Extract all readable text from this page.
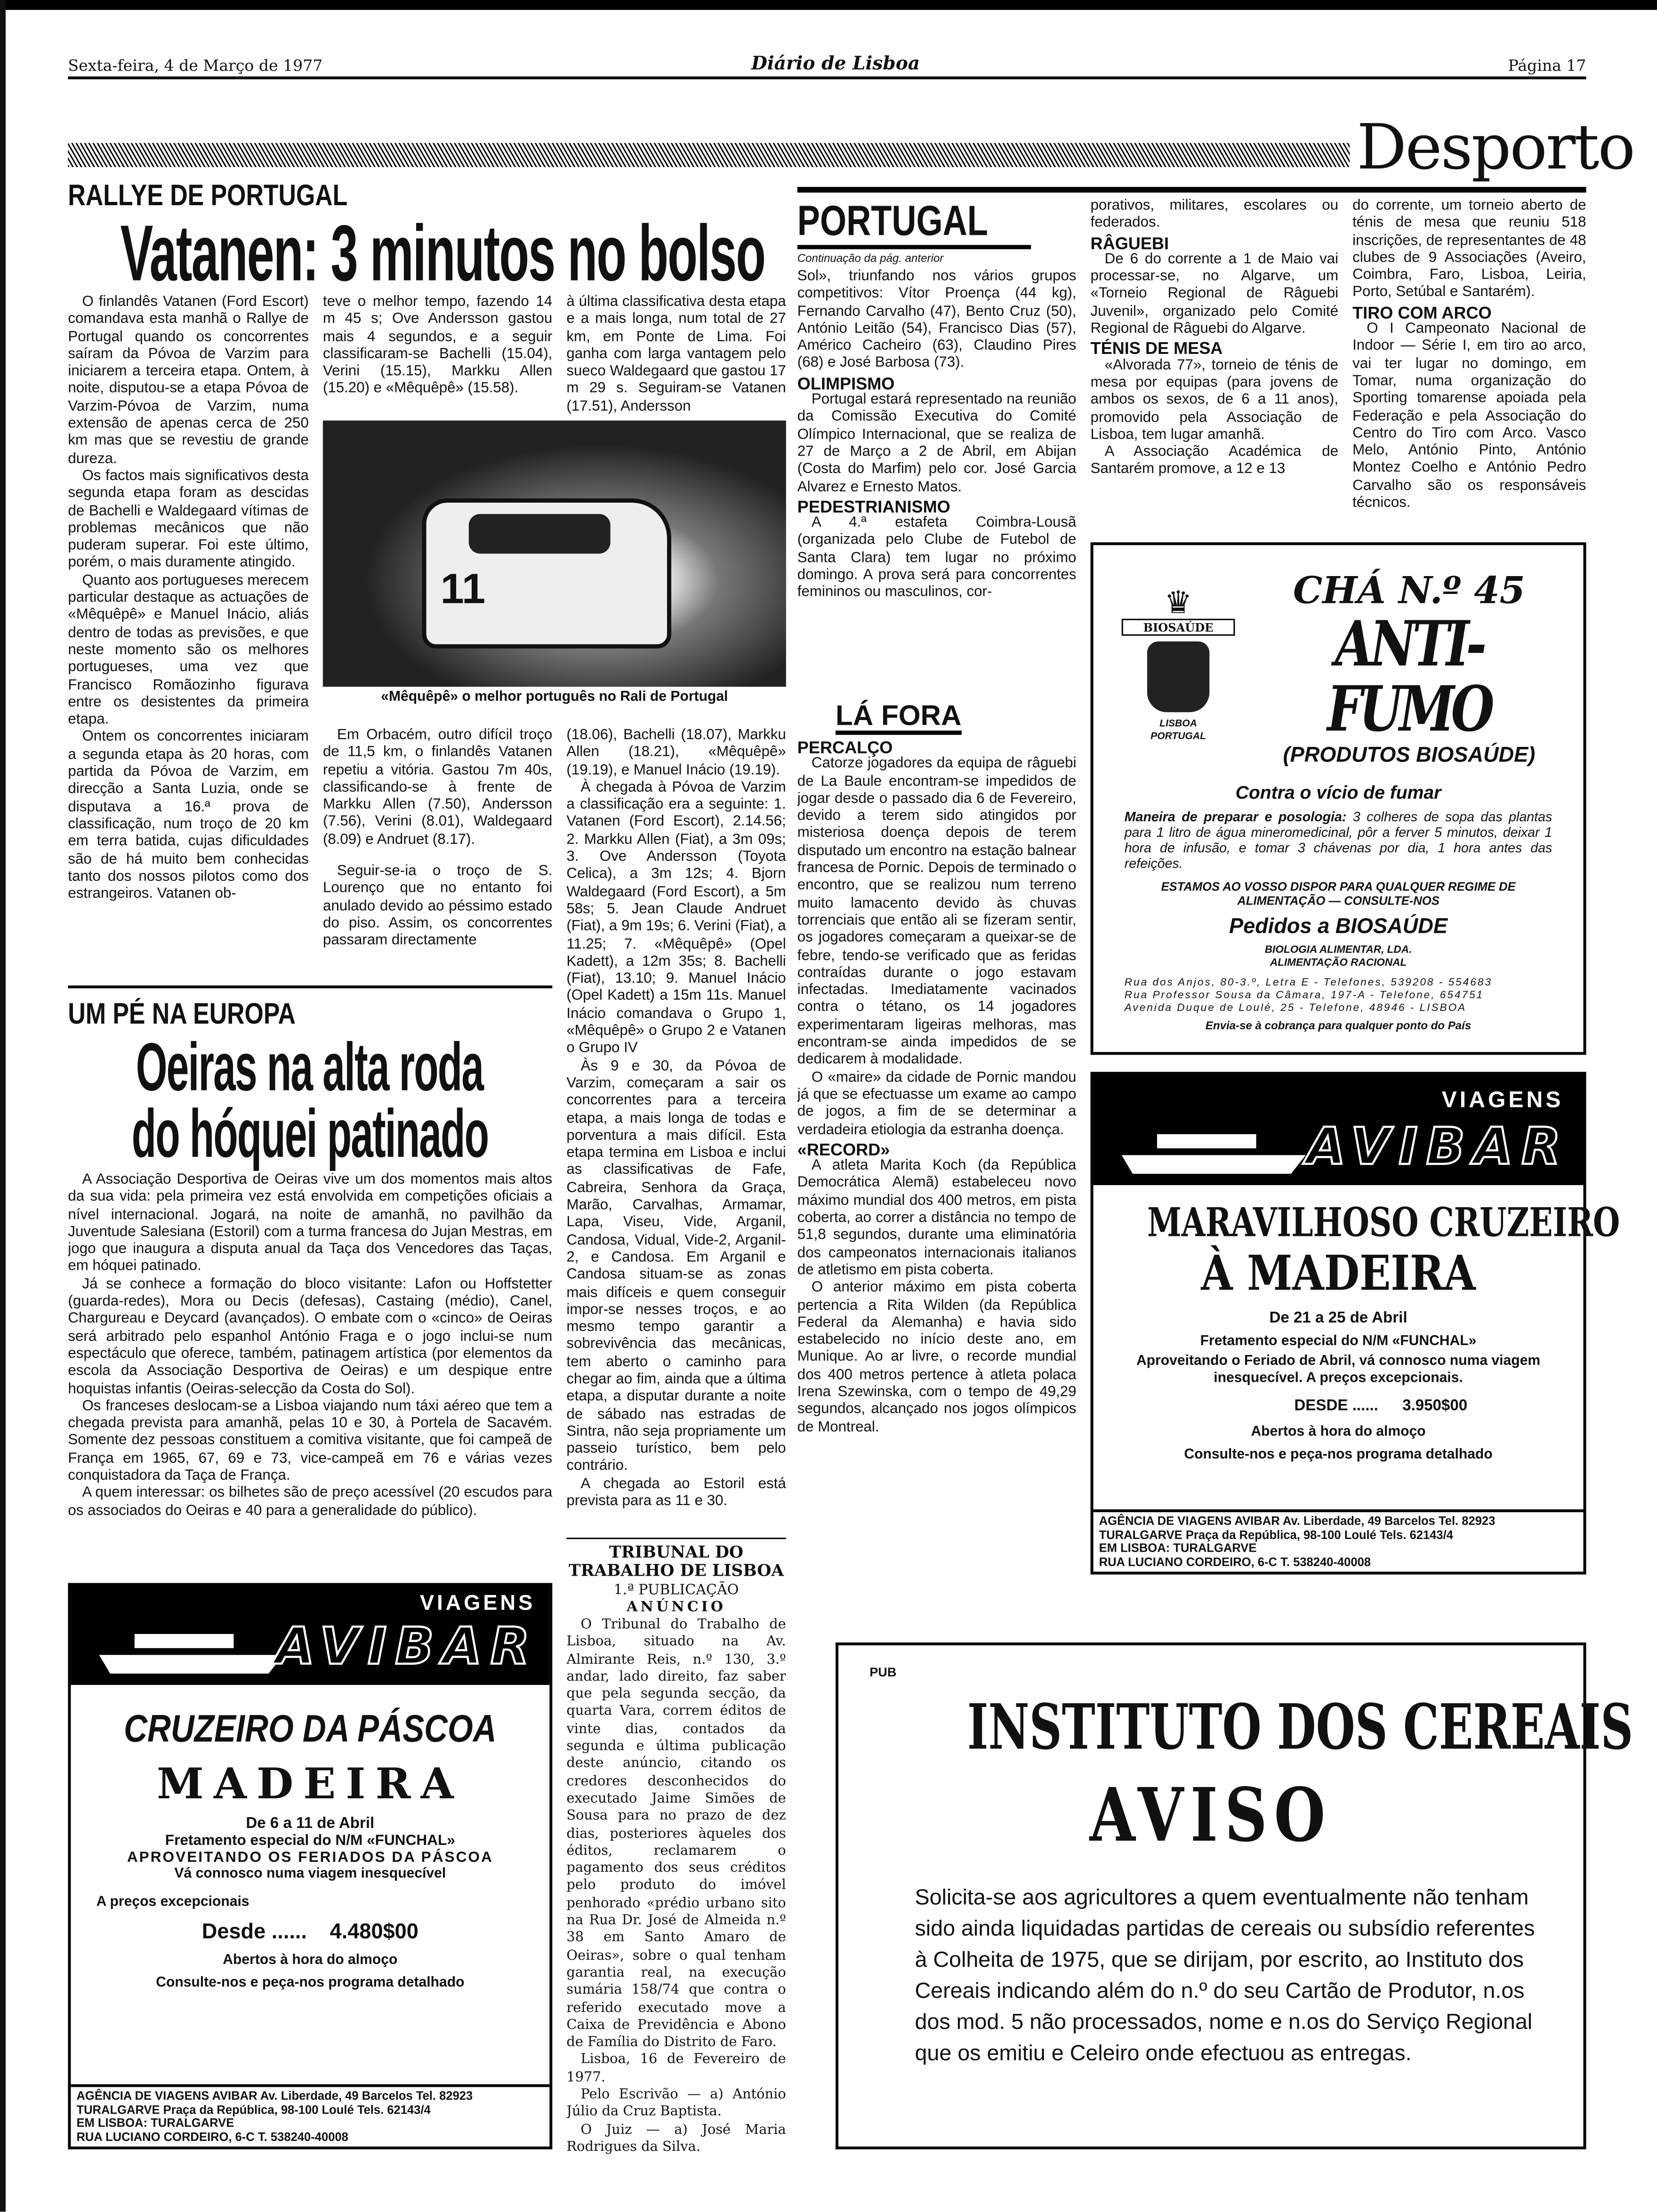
Sexta-feira, 4 de Março de 1977	Diário de Lisboa	Página 17
Desporto
RALLYE DE PORTUGAL
Vatanen: 3 minutos no bolso

O finlandês Vatanen (Ford Escort) comandava esta manhã o Rallye de Portugal quando os concorrentes saíram da Póvoa de Varzim para iniciarem a terceira etapa. Ontem, à noite, disputou-se a etapa Póvoa de Varzim-Póvoa de Varzim, numa extensão de apenas cerca de 250 km mas que se revestiu de grande dureza.

Os factos mais significativos desta segunda etapa foram as descidas de Bachelli e Waldegaard vítimas de problemas mecânicos que não puderam superar. Foi este último, porém, o mais duramente atingido.

Quanto aos portugueses merecem particular destaque as actuações de «Mêquêpê» e Manuel Inácio, aliás dentro de todas as previsões, e que neste momento são os melhores portugueses, uma vez que Francisco Romãozinho figurava entre os desistentes da primeira etapa.

Ontem os concorrentes iniciaram a segunda etapa às 20 horas, com partida da Póvoa de Varzim, em direcção a Santa Luzia, onde se disputava a 16.ª prova de classificação, num troço de 20 km em terra batida, cujas dificuldades são de há muito bem conhecidas tanto dos nossos pilotos como dos estrangeiros. Vatanen ob-

teve o melhor tempo, fazendo 14 m 45 s; Ove Andersson gastou mais 4 segundos, e a seguir classificaram-se Bachelli (15.04), Verini (15.15), Markku Allen (15.20) e «Mêquêpê» (15.58).

à última classificativa desta etapa e a mais longa, num total de 27 km, em Ponte de Lima. Foi ganha com larga vantagem pelo sueco Waldegaard que gastou 17 m 29 s. Seguiram-se Vatanen (17.51), Andersson

11
«Mêquêpê» o melhor português no Rali de Portugal

Em Orbacém, outro difícil troço de 11,5 km, o finlandês Vatanen repetiu a vitória. Gastou 7m 40s, classificando-se à frente de Markku Allen (7.50), Andersson (7.56), Verini (8.01), Waldegaard (8.09) e Andruet (8.17).

Seguir-se-ia o troço de S. Lourenço que no entanto foi anulado devido ao péssimo estado do piso. Assim, os concorrentes passaram directamente

(18.06), Bachelli (18.07), Markku Allen (18.21), «Mêquêpê» (19.19), e Manuel Inácio (19.19).

À chegada à Póvoa de Varzim a classificação era a seguinte: 1. Vatanen (Ford Escort), 2.14.56; 2. Markku Allen (Fiat), a 3m 09s; 3. Ove Andersson (Toyota Celica), a 3m 12s; 4. Bjorn Waldegaard (Ford Escort), a 5m 58s; 5. Jean Claude Andruet (Fiat), a 9m 19s; 6. Verini (Fiat), a 11.25; 7. «Mêquêpê» (Opel Kadett), a 12m 35s; 8. Bachelli (Fiat), 13.10; 9. Manuel Inácio (Opel Kadett) a 15m 11s. Manuel Inácio comandava o Grupo 1, «Mêquêpê» o Grupo 2 e Vatanen o Grupo IV

Às 9 e 30, da Póvoa de Varzim, começaram a sair os concorrentes para a terceira etapa, a mais longa de todas e porventura a mais difícil. Esta etapa termina em Lisboa e inclui as classificativas de Fafe, Cabreira, Senhora da Graça, Marão, Carvalhas, Armamar, Lapa, Viseu, Vide, Arganil, Candosa, Vidual, Vide-2, Arganil-2, e Candosa. Em Arganil e Candosa situam-se as zonas mais difíceis e quem conseguir impor-se nesses troços, e ao mesmo tempo garantir a sobrevivência das mecânicas, tem aberto o caminho para chegar ao fim, ainda que a última etapa, a disputar durante a noite de sábado nas estradas de Sintra, não seja propriamente um passeio turístico, bem pelo contrário.

A chegada ao Estoril está prevista para as 11 e 30.

UM PÉ NA EUROPA
Oeiras na alta roda
do hóquei patinado

A Associação Desportiva de Oeiras vive um dos momentos mais altos da sua vida: pela primeira vez está envolvida em competições oficiais a nível internacional. Jogará, na noite de amanhã, no pavilhão da Juventude Salesiana (Estoril) com a turma francesa do Jujan Mestras, em jogo que inaugura a disputa anual da Taça dos Vencedores das Taças, em hóquei patinado.

Já se conhece a formação do bloco visitante: Lafon ou Hoffstetter (guarda-redes), Mora ou Decis (defesas), Castaing (médio), Canel, Chargureau e Deycard (avançados). O embate com o «cinco» de Oeiras será arbitrado pelo espanhol António Fraga e o jogo inclui-se num espectáculo que oferece, também, patinagem artística (por elementos da escola da Associação Desportiva de Oeiras) e um despique entre hoquistas infantis (Oeiras-selecção da Costa do Sol).

Os franceses deslocam-se a Lisboa viajando num táxi aéreo que tem a chegada prevista para amanhã, pelas 10 e 30, à Portela de Sacavém. Somente dez pessoas constituem a comitiva visitante, que foi campeã de França em 1965, 67, 69 e 73, vice-campeã em 76 e várias vezes conquistadora da Taça de França.

A quem interessar: os bilhetes são de preço acessível (20 escudos para os associados do Oeiras e 40 para a generalidade do público).

VIAGENS
AVIBAR
CRUZEIRO DA PÁSCOA
MADEIRA
De 6 a 11 de Abril
Fretamento especial do N/M «FUNCHAL»
APROVEITANDO OS FERIADOS DA PÁSCOA
Vá connosco numa viagem inesquecível
A preços excepcionais
Desde ......	4.480$00
Abertos à hora do almoço
Consulte-nos e peça-nos programa detalhado
AGÊNCIA DE VIAGENS AVIBAR Av. Liberdade, 49 Barcelos Tel. 82923
TURALGARVE Praça da República, 98-100 Loulé Tels. 62143/4
EM LISBOA: TURALGARVE
RUA LUCIANO CORDEIRO, 6-C T. 538240-40008
TRIBUNAL DO TRABALHO DE LISBOA
1.ª PUBLICAÇÃO
ANÚNCIO

O Tribunal do Trabalho de Lisboa, situado na Av. Almirante Reis, n.º 130, 3.º andar, lado direito, faz saber que pela segunda secção, da quarta Vara, correm éditos de vinte dias, contados da segunda e última publicação deste anúncio, citando os credores desconhecidos do executado Jaime Simões de Sousa para no prazo de dez dias, posteriores àqueles dos éditos, reclamarem o pagamento dos seus créditos pelo produto do imóvel penhorado «prédio urbano sito na Rua Dr. José de Almeida n.º 38 em Santo Amaro de Oeiras», sobre o qual tenham garantia real, na execução sumária 158/74 que contra o referido executado move a Caixa de Previdência e Abono de Família do Distrito de Faro.

Lisboa, 16 de Fevereiro de 1977.

Pelo Escrivão — a) António Júlio da Cruz Baptista.

O Juiz — a) José Maria Rodrigues da Silva.

PORTUGAL
Continuação da pág. anterior

Sol», triunfando nos vários grupos competitivos: Vítor Proença (44 kg), Fernando Carvalho (47), Bento Cruz (50), António Leitão (54), Francisco Dias (57), Américo Cacheiro (63), Claudino Pires (68) e José Barbosa (73).

OLIMPISMO

Portugal estará representado na reunião da Comissão Executiva do Comité Olímpico Internacional, que se realiza de 27 de Março a 2 de Abril, em Abijan (Costa do Marfim) pelo cor. José Garcia Alvarez e Ernesto Matos.

PEDESTRIANISMO

A 4.ª estafeta Coimbra-Lousã (organizada pelo Clube de Futebol de Santa Clara) tem lugar no próximo domingo. A prova será para concorrentes femininos ou masculinos, cor-

LÁ FORA

PERCALÇO

Catorze jogadores da equipa de râguebi de La Baule encontram-se impedidos de jogar desde o passado dia 6 de Fevereiro, devido a terem sido atingidos por misteriosa doença depois de terem disputado um encontro na estação balnear francesa de Pornic. Depois de terminado o encontro, que se realizou num terreno muito lamacento devido às chuvas torrenciais que então ali se fizeram sentir, os jogadores começaram a queixar-se de febre, tendo-se verificado que as feridas contraídas durante o jogo estavam infectadas. Imediatamente vacinados contra o tétano, os 14 jogadores experimentaram ligeiras melhoras, mas encontram-se ainda impedidos de se dedicarem à modalidade.

O «maire» da cidade de Pornic mandou já que se efectuasse um exame ao campo de jogos, a fim de se determinar a verdadeira etiologia da estranha doença.

«RECORD»

A atleta Marita Koch (da República Democrática Alemã) estabeleceu novo máximo mundial dos 400 metros, em pista coberta, ao correr a distância no tempo de 51,8 segundos, durante uma eliminatória dos campeonatos internacionais italianos de atletismo em pista coberta.

O anterior máximo em pista coberta pertencia a Rita Wilden (da República Federal da Alemanha) e havia sido estabelecido no início deste ano, em Munique. Ao ar livre, o recorde mundial dos 400 metros pertence à atleta polaca Irena Szewinska, com o tempo de 49,29 segundos, alcançado nos jogos olímpicos de Montreal.

porativos, militares, escolares ou federados.

RÂGUEBI

De 6 do corrente a 1 de Maio vai processar-se, no Algarve, um «Torneio Regional de Râguebi Juvenil», organizado pelo Comité Regional de Râguebi do Algarve.

TÉNIS DE MESA

«Alvorada 77», torneio de ténis de mesa por equipas (para jovens de ambos os sexos, de 6 a 11 anos), promovido pela Associação de Lisboa, tem lugar amanhã.

A Associação Académica de Santarém promove, a 12 e 13

do corrente, um torneio aberto de ténis de mesa que reuniu 518 inscrições, de representantes de 48 clubes de 9 Associações (Aveiro, Coimbra, Faro, Lisboa, Leiria, Porto, Setúbal e Santarém).

TIRO COM ARCO

O I Campeonato Nacional de Indoor — Série I, em tiro ao arco, vai ter lugar no domingo, em Tomar, numa organização do Sporting tomarense apoiada pela Federação e pela Associação do Centro do Tiro com Arco. Vasco Melo, António Pinto, António Montez Coelho e António Pedro Carvalho são os responsáveis técnicos.

♛
BIOSAÚDE
LISBOA
PORTUGAL
CHÁ N.º 45
ANTI-FUMO
(PRODUTOS BIOSAÚDE)
Contra o vício de fumar
Maneira de preparar e posologia: 3 colheres de sopa das plantas para 1 litro de água mineromedicinal, pôr a ferver 5 minutos, deixar 1 hora de infusão, e tomar 3 chávenas por dia, 1 hora antes das refeições.
ESTAMOS AO VOSSO DISPOR PARA QUALQUER REGIME DE ALIMENTAÇÃO — CONSULTE-NOS
Pedidos a BIOSAÚDE
BIOLOGIA ALIMENTAR, LDA.
ALIMENTAÇÃO RACIONAL
Rua dos Anjos, 80-3.º, Letra E - Telefones, 539208 - 554683
Rua Professor Sousa da Câmara, 197-A - Telefone, 654751
Avenida Duque de Loulé, 25 - Telefone, 48946 - LISBOA
Envia-se à cobrança para qualquer ponto do País
VIAGENS
AVIBAR
MARAVILHOSO CRUZEIRO
À MADEIRA
De 21 a 25 de Abril
Fretamento especial do N/M «FUNCHAL»
Aproveitando o Feriado de Abril, vá connosco numa viagem inesquecível. A preços excepcionais.
DESDE ......	3.950$00
Abertos à hora do almoço
Consulte-nos e peça-nos programa detalhado
AGÊNCIA DE VIAGENS AVIBAR Av. Liberdade, 49 Barcelos Tel. 82923
TURALGARVE Praça da República, 98-100 Loulé Tels. 62143/4
EM LISBOA: TURALGARVE
RUA LUCIANO CORDEIRO, 6-C T. 538240-40008
PUB
INSTITUTO DOS CEREAIS
AVISO
Solicita-se aos agricultores a quem eventualmente não tenham sido ainda liquidadas partidas de cereais ou subsídio referentes à Colheita de 1975, que se dirijam, por escrito, ao Instituto dos Cereais indicando além do n.º do seu Cartão de Produtor, n.os dos mod. 5 não processados, nome e n.os do Serviço Regional que os emitiu e Celeiro onde efectuou as entregas.
